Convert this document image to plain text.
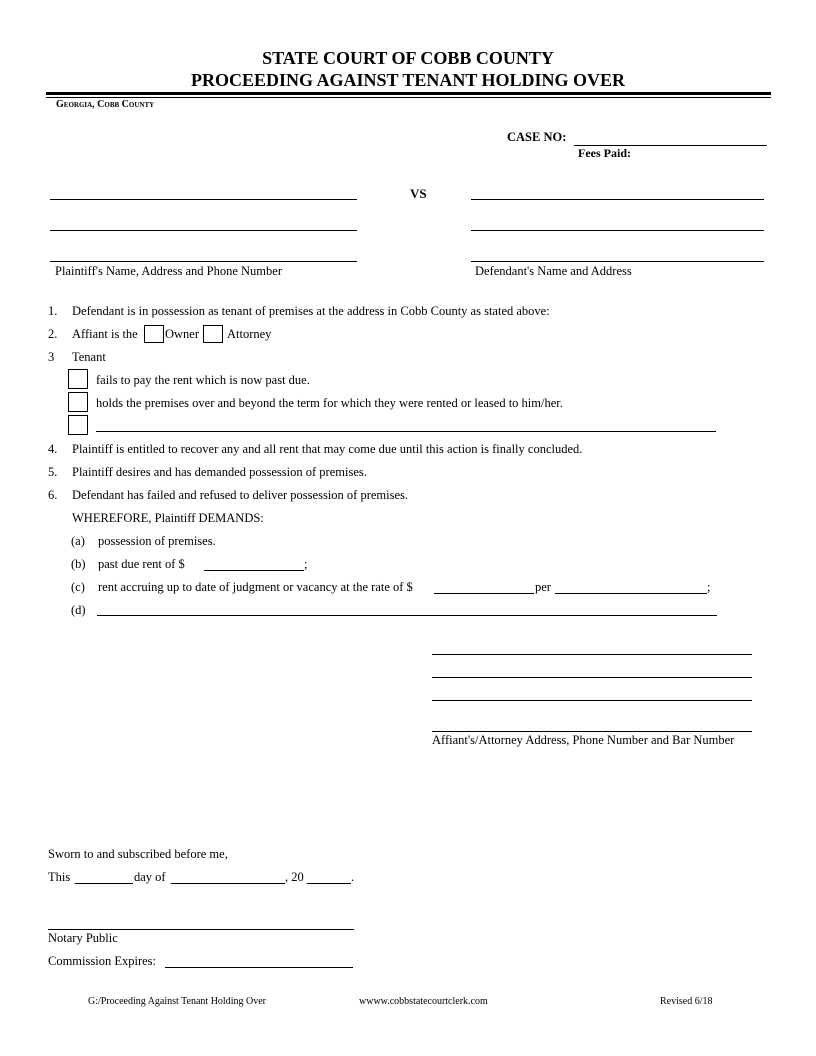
STATE COURT OF COBB COUNTY
PROCEEDING AGAINST TENANT HOLDING OVER
Georgia, Cobb County
CASE NO:
Fees Paid:
VS
Plaintiff's Name, Address and Phone Number	Defendant's Name and Address
1. Defendant is in possession as tenant of premises at the address in Cobb County as stated above:
2. Affiant is the Owner Attorney
3 Tenant
fails to pay the rent which is now past due.
holds the premises over and beyond the term for which they were rented or leased to him/her.
4. Plaintiff is entitled to recover any and all rent that may come due until this action is finally concluded.
5. Plaintiff desires and has demanded possession of premises.
6. Defendant has failed and refused to deliver possession of premises.
WHEREFORE, Plaintiff DEMANDS:
(a) possession of premises.
(b) past due rent of $	;
(c) rent accruing up to date of judgment or vacancy at the rate of $	per	;
(d)
Affiant's/Attorney Address, Phone Number and Bar Number
Sworn to and subscribed before me,
This	day of	, 20	.
Notary Public
Commission Expires:
G:/Proceeding Against Tenant Holding Over	wwww.cobbstatecourtclerk.com	Revised 6/18
